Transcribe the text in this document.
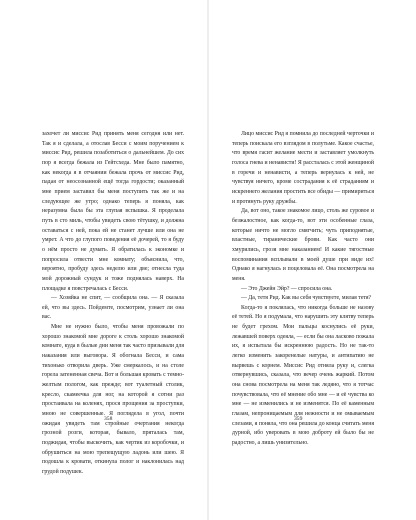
захочет ли миссис Рид принять меня сегодня или нет. Так я и сделала, а отослав Бесси с моим поручением к миссис Рид, решила позаботиться о дальнейшем. До сих пор я всегда бежала из Гейтсхеда. Мне было памятно, как некогда я в отчаянии бежала прочь от миссис Рид, падая от неосознанной ещё тогда гордости; оказанный мне прием заставил бы меня поступить так же и на следующее же утро; однако теперь я поняла, как неразумна была бы эта глупая вспышка. Я проделала путь в сто миль, чтобы увидеть свою тётушку, и должна оставаться с ней, пока ей не станет лучше или она не умрет. А что до глупого поведения её дочерей, то я буду о нём просто не думать. Я обратилась к экономке и попросила отвести мне комнату; объяснила, что, вероятно, пробуду здесь неделю или две; отнесла туда мой дорожный сундук и тоже поднялась наверх. На площадке я повстречалась с Бесси.

— Хозяйка не спит, — сообщила она. — Я сказала ей, что вы здесь. Пойдемте, посмотрим, узнает ли она вас.

Мне не нужно было, чтобы меня провожали по хорошо знакомой мне дороге к столь хорошо знакомой комнате, куда в былые дни меня так часто призывали для наказания или выговора. Я обогнала Бесси, и сама тихонько отворила дверь. Уже смеркалось, и на столе горела затененная свеча. Вот и большая кровать с темно-желтым пологом, как прежде; вот туалетный столик, кресло, скамеечка для ног, на которой я сотни раз простаивала на коленях, прося прощения за проступки, мною не совершенные. Я поглядела в угол, почти ожидая увидеть там стройные очертания некогда грозной розги, которая, бывало, пряталась там, поджидая, чтобы выскочить, как чертик из коробочки, и обрушиться на мою трепещущую ладонь или шею. Я подошла к кровати, откинула полог и наклонилась над грудой подушек.

358

Лицо миссис Рид я помнила до последней черточки и теперь поискала его взглядом в полутьме. Какое счастье, что время гасит желание мести и заставляет умолкнуть голоса гнева и ненависти! Я рассталась с этой женщиной в горечи и ненависти, а теперь вернулась к ней, не чувствуя ничего, кроме сострадания к её страданиям и искреннего желания простить все обиды — примириться и протянуть руку дружбы.

Да, вот оно, такое знакомое лицо, столь же суровое и безжалостное, как когда-то, вот эти особенные глаза, которые ничто не могло смягчить; чуть приподнятые, властные, тиранические брови. Как часто они хмурились, грозя мне наказанием! И какие тягостные воспоминания всплывали в моей душе при виде их! Однако я нагнулась и поцеловала её. Она посмотрела на меня.

— Это Джейн Эйр? — спросила она.

— Да, тетя Рид. Как вы себя чувствуете, милая тетя?

Когда-то я поклялась, что никогда больше не назову её тетей. Но я подумала, что нарушить эту клятву теперь не будет грехом. Мои пальцы коснулись её руки, лежавшей поверх одеяла, — если бы она ласково пожала их, я испытала бы искреннюю радость. Но не так-то легко изменить закоренелые натуры, и антипатию не вырвешь с корнем. Миссис Рид отняла руку и, слегка отвернувшись, сказала, что вечер очень жаркий. Потом она снова посмотрела на меня так ледяно, что я тотчас почувствовала, что её мнение обо мне — и её чувства ко мне — не изменились и не изменятся. По её каменным глазам, непроницаемым для нежности и не омываемым слезами, я поняла, что она решила до конца считать меня дурной, ибо уверовать в мою доброту ей было бы не радостно, а лишь унизительно.

359
